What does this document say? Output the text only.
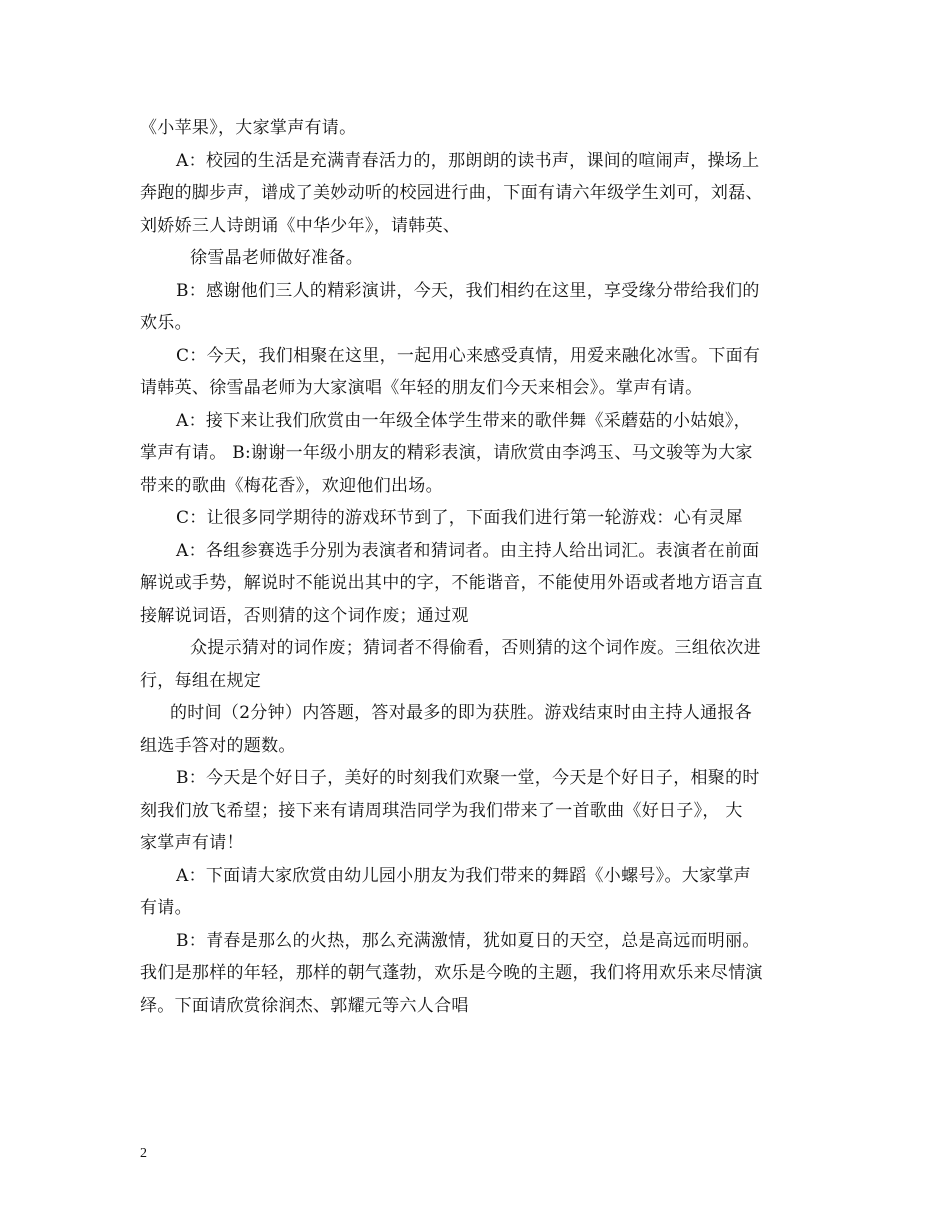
《小苹果》，大家掌声有请。
A：校园的生活是充满青春活力的，那朗朗的读书声，课间的喧闹声，操场上
奔跑的脚步声，谱成了美妙动听的校园进行曲，下面有请六年级学生刘可，刘磊、
刘娇娇三人诗朗诵《中华少年》，请韩英、
徐雪晶老师做好准备。
B：感谢他们三人的精彩演讲，今天，我们相约在这里，享受缘分带给我们的
欢乐。
C：今天，我们相聚在这里，一起用心来感受真情，用爱来融化冰雪。下面有
请韩英、徐雪晶老师为大家演唱《年轻的朋友们今天来相会》。掌声有请。
A：接下来让我们欣赏由一年级全体学生带来的歌伴舞《采蘑菇的小姑娘》，
掌声有请。 B:谢谢一年级小朋友的精彩表演，请欣赏由李鸿玉、马文骏等为大家
带来的歌曲《梅花香》，欢迎他们出场。
C：让很多同学期待的游戏环节到了，下面我们进行第一轮游戏：心有灵犀
A：各组参赛选手分别为表演者和猜词者。由主持人给出词汇。表演者在前面
解说或手势，解说时不能说出其中的字，不能谐音，不能使用外语或者地方语言直
接解说词语，否则猜的这个词作废；通过观
众提示猜对的词作废；猜词者不得偷看，否则猜的这个词作废。三组依次进
行，每组在规定
的时间（2分钟）内答题，答对最多的即为获胜。游戏结束时由主持人通报各
组选手答对的题数。
B：今天是个好日子，美好的时刻我们欢聚一堂，今天是个好日子，相聚的时
刻我们放飞希望；接下来有请周琪浩同学为我们带来了一首歌曲《好日子》， 大
家掌声有请！
A：下面请大家欣赏由幼儿园小朋友为我们带来的舞蹈《小螺号》。大家掌声
有请。
B：青春是那么的火热，那么充满激情，犹如夏日的天空，总是高远而明丽。
我们是那样的年轻，那样的朝气蓬勃，欢乐是今晚的主题，我们将用欢乐来尽情演
绎。下面请欣赏徐润杰、郭耀元等六人合唱
2
